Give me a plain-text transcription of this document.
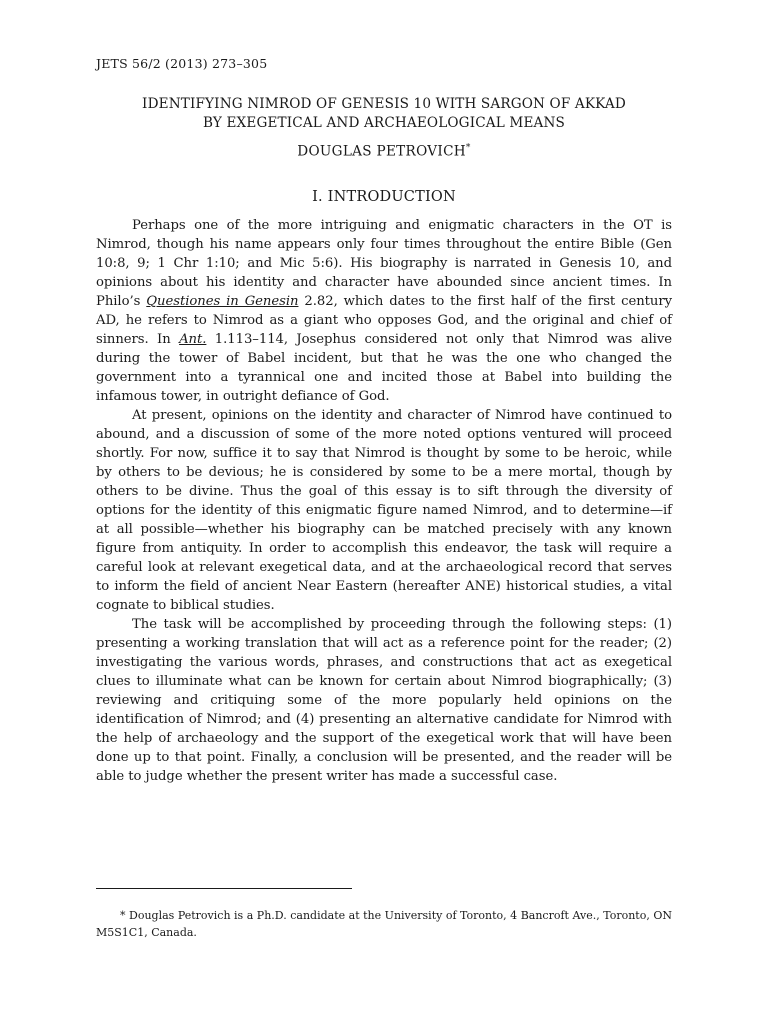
JETS 56/2 (2013) 273–305
IDENTIFYING NIMROD OF GENESIS 10 WITH SARGON OF AKKAD
BY EXEGETICAL AND ARCHAEOLOGICAL MEANS
DOUGLAS PETROVICH*
I. INTRODUCTION

Perhaps one of the more intriguing and enigmatic characters in the OT is Nimrod, though his name appears only four times throughout the entire Bible (Gen 10:8, 9; 1 Chr 1:10; and Mic 5:6). His biography is narrated in Genesis 10, and opinions about his identity and character have abounded since ancient times. In Philo’s Questiones in Genesin 2.82, which dates to the first half of the first century AD, he refers to Nimrod as a giant who opposes God, and the original and chief of sinners. In Ant. 1.113–114, Josephus considered not only that Nimrod was alive during the tower of Babel incident, but that he was the one who changed the government into a tyrannical one and incited those at Babel into building the infamous tower, in outright defiance of God.

At present, opinions on the identity and character of Nimrod have continued to abound, and a discussion of some of the more noted options ventured will proceed shortly. For now, suffice it to say that Nimrod is thought by some to be heroic, while by others to be devious; he is considered by some to be a mere mortal, though by others to be divine. Thus the goal of this essay is to sift through the diversity of options for the identity of this enigmatic figure named Nimrod, and to determine—if at all possible—whether his biography can be matched precisely with any known figure from antiquity. In order to accomplish this endeavor, the task will require a careful look at relevant exegetical data, and at the archaeological record that serves to inform the field of ancient Near Eastern (hereafter ANE) historical studies, a vital cognate to biblical studies.

The task will be accomplished by proceeding through the following steps: (1) presenting a working translation that will act as a reference point for the reader; (2) investigating the various words, phrases, and constructions that act as exegetical clues to illuminate what can be known for certain about Nimrod biographically; (3) reviewing and critiquing some of the more popularly held opinions on the identification of Nimrod; and (4) presenting an alternative candidate for Nimrod with the help of archaeology and the support of the exegetical work that will have been done up to that point. Finally, a conclusion will be presented, and the reader will be able to judge whether the present writer has made a successful case.

* Douglas Petrovich is a Ph.D. candidate at the University of Toronto, 4 Bancroft Ave., Toronto, ON M5S1C1, Canada.
